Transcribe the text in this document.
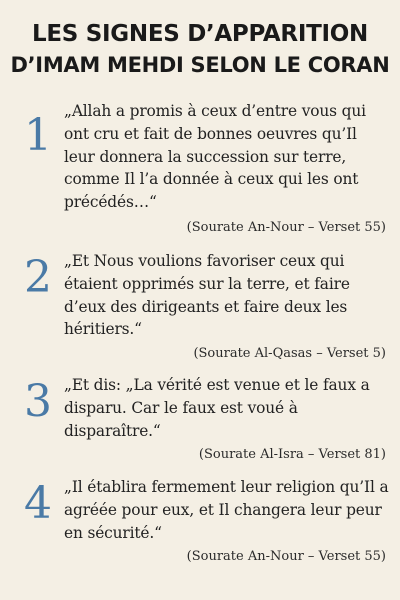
LES SIGNES D’APPARITION
D’IMAM MEHDI SELON LE CORAN
1 „Allah a promis à ceux d’entre vous qui ont cru et fait de bonnes oeuvres qu’Il leur donnera la succession sur terre, comme Il l’a donnée à ceux qui les ont précédés…“
(Sourate An-Nour – Verset 55)
2 „Et Nous voulions favoriser ceux qui étaient opprimés sur la terre, et faire d’eux des dirigeants et faire deux les héritiers.“
(Sourate Al-Qasas – Verset 5)
3 „Et dis: „La vérité est venue et le faux a disparu. Car le faux est voué à disparaître.“
(Sourate Al-Isra – Verset 81)
4 „Il établira fermement leur religion qu’Il a agréée pour eux, et Il changera leur peur en sécurité.“
(Sourate An-Nour – Verset 55)
